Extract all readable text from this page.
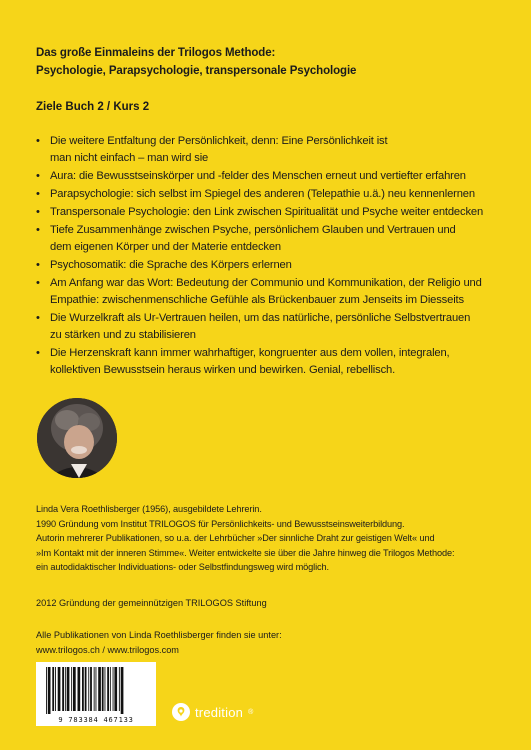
Das große Einmaleins der Trilogos Methode:
Psychologie, Parapsychologie, transpersonale Psychologie
Ziele Buch 2 / Kurs 2
• Die weitere Entfaltung der Persönlichkeit, denn: Eine Persönlichkeit ist
man nicht einfach – man wird sie
• Aura: die Bewusstseinskörper und -felder des Menschen erneut und vertiefter erfahren
• Parapsychologie: sich selbst im Spiegel des anderen (Telepathie u.ä.) neu kennenlernen
• Transpersonale Psychologie: den Link zwischen Spiritualität und Psyche weiter entdecken
• Tiefe Zusammenhänge zwischen Psyche, persönlichem Glauben und Vertrauen und
dem eigenen Körper und der Materie entdecken
• Psychosomatik: die Sprache des Körpers erlernen
• Am Anfang war das Wort: Bedeutung der Communio und Kommunikation, der Religio und
Empathie: zwischenmenschliche Gefühle als Brückenbauer zum Jenseits im Diesseits
• Die Wurzelkraft als Ur-Vertrauen heilen, um das natürliche, persönliche Selbstvertrauen
zu stärken und zu stabilisieren
• Die Herzenskraft kann immer wahrhaftiger, kongruenter aus dem vollen, integralen,
kollektiven Bewusstsein heraus wirken und bewirken. Genial, rebellisch.

Linda Vera Roethlisberger (1956), ausgebildete Lehrerin.

1990 Gründung vom Institut TRILOGOS für Persönlichkeits- und Bewusstseinsweiterbildung.

Autorin mehrerer Publikationen, so u.a. der Lehrbücher »Der sinnliche Draht zur geistigen Welt« und

»Im Kontakt mit der inneren Stimme«. Weiter entwickelte sie über die Jahre hinweg die Trilogos Methode:

ein autodidaktischer Individuations- oder Selbstfindungsweg wird möglich.

2012 Gründung der gemeinnützigen TRILOGOS Stiftung

Alle Publikationen von Linda Roethlisberger finden sie unter:

www.trilogos.ch / www.trilogos.com

9 783384 467133
tredition ®
